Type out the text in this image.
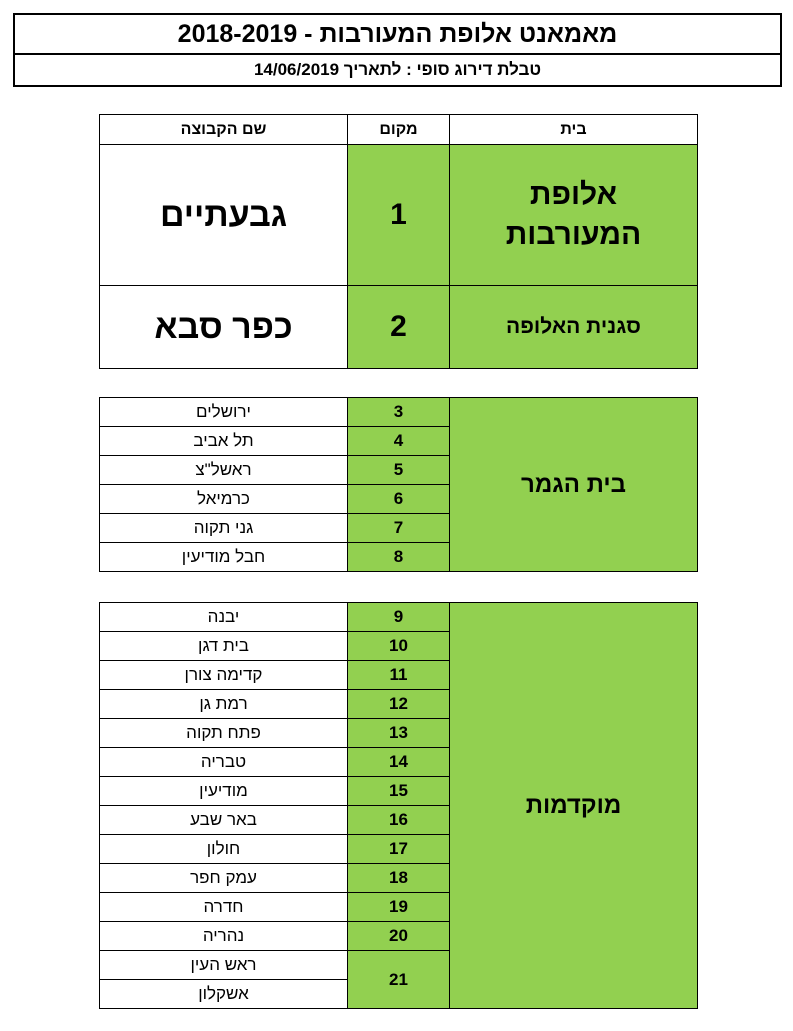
מאמאנט אלופת המעורבות - 2018-2019
טבלת דירוג סופי : לתאריך 14/06/2019
שם הקבוצה	מקום	בית
גבעתיים	1	אלופת המעורבות
כפר סבא	2	סגנית האלופה
ירושלים	3	בית הגמר
תל אביב	4	
ראשל"צ	5	
כרמיאל	6	
גני תקוה	7	
חבל מודיעין	8	
יבנה	9	מוקדמות
בית דגן	10	
קדימה צורן	11	
רמת גן	12	
פתח תקוה	13	
טבריה	14	
מודיעין	15	
באר שבע	16	
חולון	17	
עמק חפר	18	
חדרה	19	
נהריה	20	
ראש העין	21	
אשקלון		
